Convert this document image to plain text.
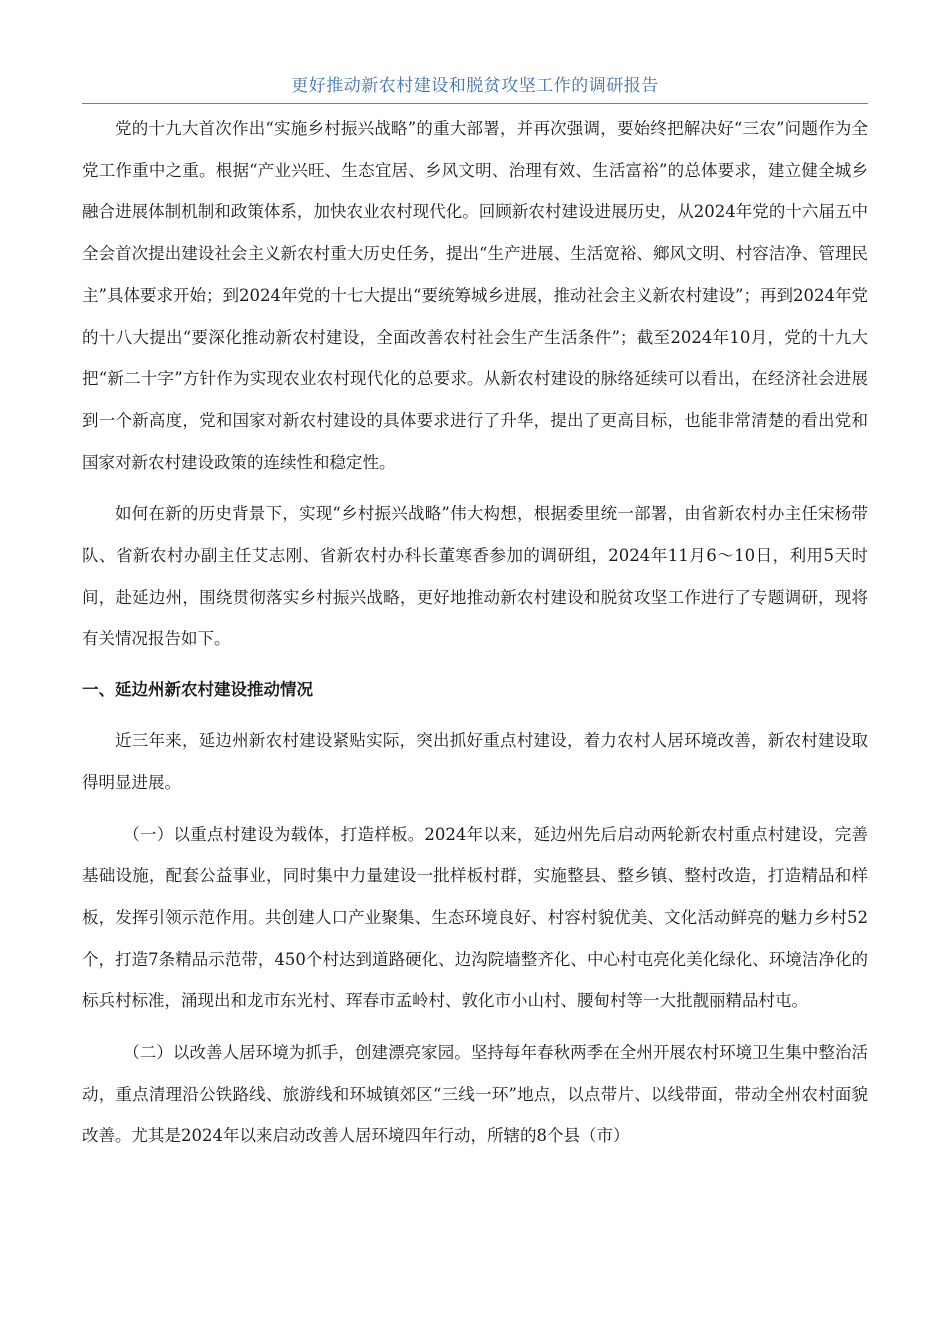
更好推动新农村建设和脱贫攻坚工作的调研报告

党的十九大首次作出“实施乡村振兴战略”的重大部署，并再次强调，要始终把解决好“三农”问题作为全党工作重中之重。根据“产业兴旺、生态宜居、乡风文明、治理有效、生活富裕”的总体要求，建立健全城乡融合进展体制机制和政策体系，加快农业农村现代化。回顾新农村建设进展历史，从2024年党的十六届五中全会首次提出建设社会主义新农村重大历史任务，提出“生产进展、生活宽裕、鄉风文明、村容洁净、管理民主”具体要求开始；到2024年党的十七大提出“要统筹城乡进展，推动社会主义新农村建设”；再到2024年党的十八大提出“要深化推动新农村建设，全面改善农村社会生产生活条件”；截至2024年10月，党的十九大把“新二十字”方针作为实现农业农村现代化的总要求。从新农村建设的脉络延续可以看出，在经济社会进展到一个新高度，党和国家对新农村建设的具体要求进行了升华，提出了更高目标，也能非常清楚的看出党和国家对新农村建设政策的连续性和稳定性。

如何在新的历史背景下，实现“乡村振兴战略”伟大构想，根据委里统一部署，由省新农村办主任宋杨带队、省新农村办副主任艾志刚、省新农村办科长董寒香参加的调研组，2024年11月6～10日，利用5天时间，赴延边州，围绕贯彻落实乡村振兴战略，更好地推动新农村建设和脱贫攻坚工作进行了专题调研，现将有关情况报告如下。

一、延边州新农村建设推动情况

近三年来，延边州新农村建设紧贴实际，突出抓好重点村建设，着力农村人居环境改善，新农村建设取得明显进展。

（一）以重点村建设为载体，打造样板。2024年以来，延边州先后启动两轮新农村重点村建设，完善基础设施，配套公益事业，同时集中力量建设一批样板村群，实施整县、整乡镇、整村改造，打造精品和样板，发挥引领示范作用。共创建人口产业聚集、生态环境良好、村容村貌优美、文化活动鲜亮的魅力乡村52个，打造7条精品示范带，450个村达到道路硬化、边沟院墙整齐化、中心村屯亮化美化绿化、环境洁净化的标兵村标准，涌现出和龙市东光村、珲春市孟岭村、敦化市小山村、腰甸村等一大批靓丽精品村屯。

（二）以改善人居环境为抓手，创建漂亮家园。坚持每年春秋两季在全州开展农村环境卫生集中整治活动，重点清理沿公铁路线、旅游线和环城镇郊区“三线一环”地点，以点带片、以线带面，带动全州农村面貌改善。尤其是2024年以来启动改善人居环境四年行动，所辖的8个县（市）
